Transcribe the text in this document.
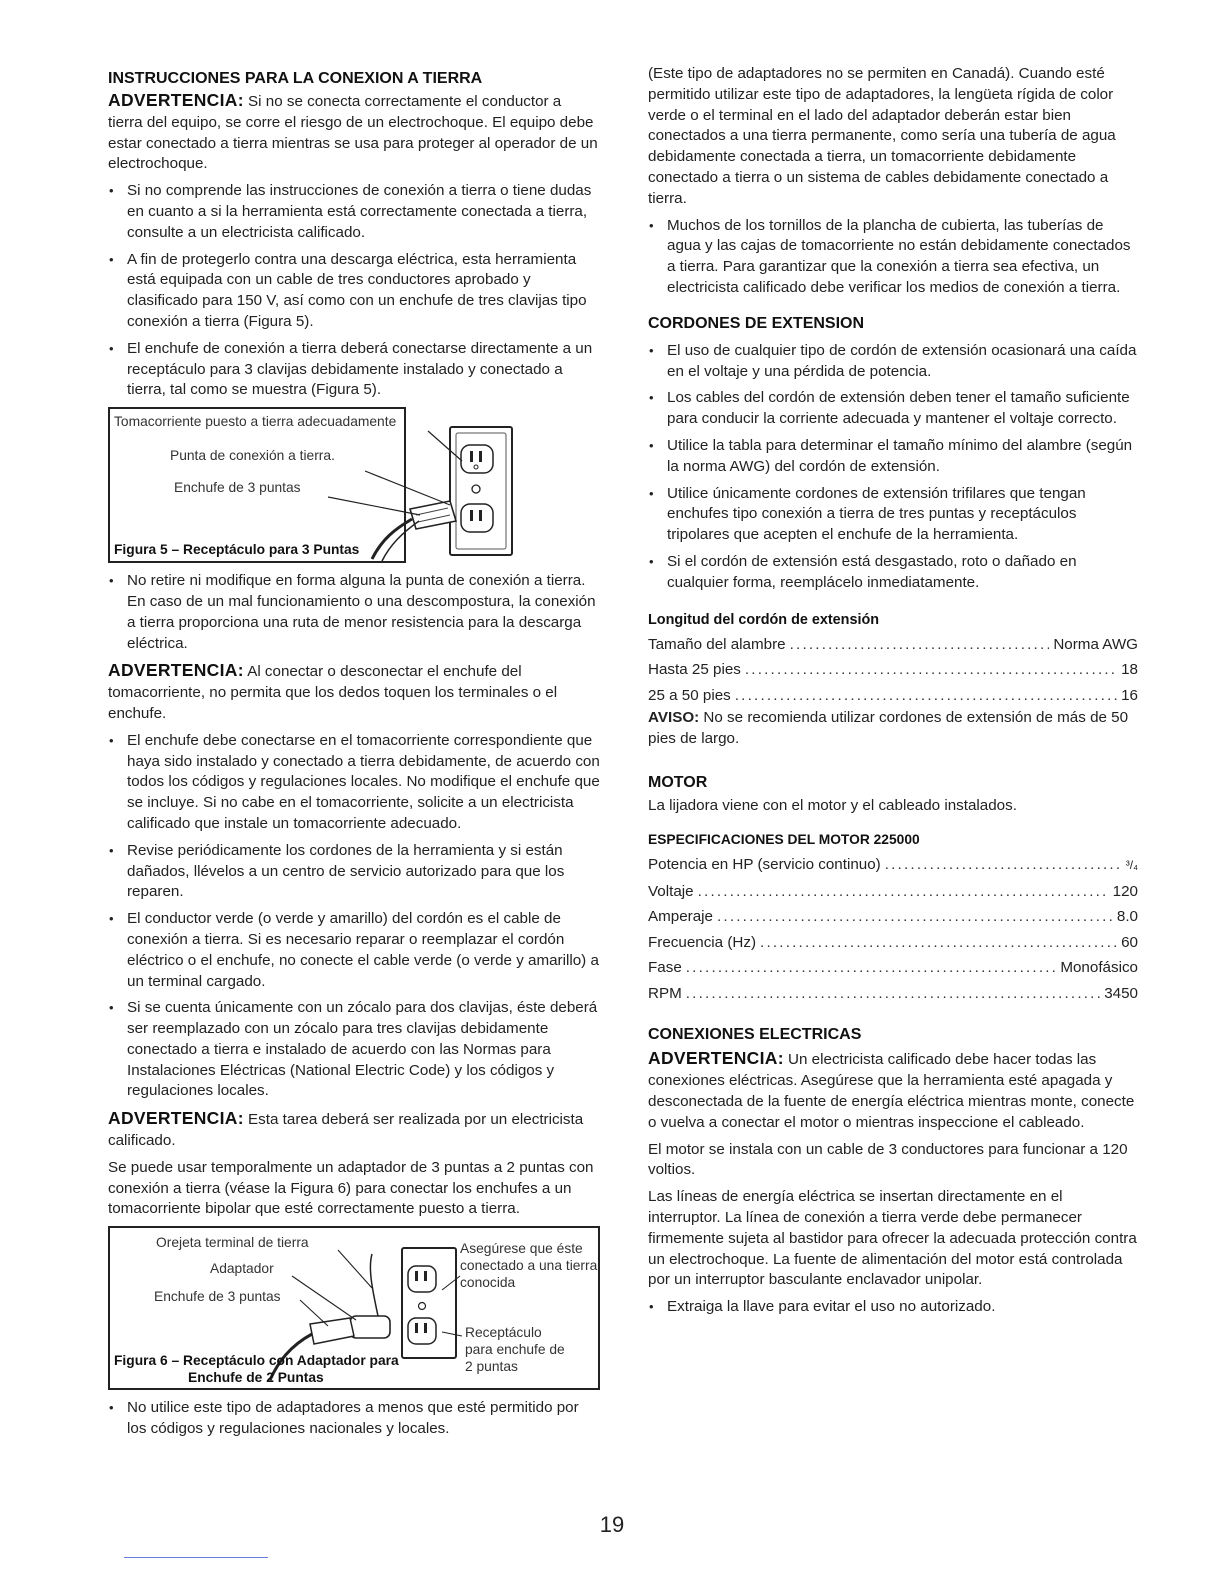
INSTRUCCIONES PARA LA CONEXION A TIERRA

ADVERTENCIA: Si no se conecta correctamente el conductor a tierra del equipo, se corre el riesgo de un electrochoque. El equipo debe estar conectado a tierra mientras se usa para proteger al operador de un electrochoque.

• Si no comprende las instrucciones de conexión a tierra o tiene dudas en cuanto a si la herramienta está correctamente conectada a tierra, consulte a un electricista calificado.
• A fin de protegerlo contra una descarga eléctrica, esta herramienta está equipada con un cable de tres conductores aprobado y clasificado para 150 V, así como con un enchufe de tres clavijas tipo conexión a tierra (Figura 5).
• El enchufe de conexión a tierra deberá conectarse directamente a un receptáculo para 3 clavijas debidamente instalado y conectado a tierra, tal como se muestra (Figura 5).
Tomacorriente puesto a tierra adecuadamente
Punta de conexión a tierra.
Enchufe de 3 puntas
Figura 5 – Receptáculo para 3 Puntas
• No retire ni modifique en forma alguna la punta de conexión a tierra. En caso de un mal funcionamiento o una descompostura, la conexión a tierra proporciona una ruta de menor resistencia para la descarga eléctrica.

ADVERTENCIA: Al conectar o desconectar el enchufe del tomacorriente, no permita que los dedos toquen los terminales o el enchufe.

• El enchufe debe conectarse en el tomacorriente correspondiente que haya sido instalado y conectado a tierra debidamente, de acuerdo con todos los códigos y regulaciones locales. No modifique el enchufe que se incluye. Si no cabe en el tomacorriente, solicite a un electricista calificado que instale un tomacorriente adecuado.
• Revise periódicamente los cordones de la herramienta y si están dañados, llévelos a un centro de servicio autorizado para que los reparen.
• El conductor verde (o verde y amarillo) del cordón es el cable de conexión a tierra. Si es necesario reparar o reemplazar el cordón eléctrico o el enchufe, no conecte el cable verde (o verde y amarillo) a un terminal cargado.
• Si se cuenta únicamente con un zócalo para dos clavijas, éste deberá ser reemplazado con un zócalo para tres clavijas debidamente conectado a tierra e instalado de acuerdo con las Normas para Instalaciones Eléctricas (National Electric Code) y los códigos y regulaciones locales.

ADVERTENCIA: Esta tarea deberá ser realizada por un electricista calificado.

Se puede usar temporalmente un adaptador de 3 puntas a 2 puntas con conexión a tierra (véase la Figura 6) para conectar los enchufes a un tomacorriente bipolar que esté correctamente puesto a tierra.

Orejeta terminal de tierra
Adaptador
Enchufe de 3 puntas
Asegúrese que éste conectado a una tierra conocida
Receptáculo para enchufe de 2 puntas
Figura 6 – Receptáculo con Adaptador para
Enchufe de 2 Puntas
• No utilice este tipo de adaptadores a menos que esté permitido por los códigos y regulaciones nacionales y locales.

(Este tipo de adaptadores no se permiten en Canadá). Cuando esté permitido utilizar este tipo de adaptadores, la lengüeta rígida de color verde o el terminal en el lado del adaptador deberán estar bien conectados a una tierra permanente, como sería una tubería de agua debidamente conectada a tierra, un tomacorriente debidamente conectado a tierra o un sistema de cables debidamente conectado a tierra.

• Muchos de los tornillos de la plancha de cubierta, las tuberías de agua y las cajas de tomacorriente no están debidamente conectados a tierra. Para garantizar que la conexión a tierra sea efectiva, un electricista calificado debe verificar los medios de conexión a tierra.
CORDONES DE EXTENSION
• El uso de cualquier tipo de cordón de extensión ocasionará una caída en el voltaje y una pérdida de potencia.
• Los cables del cordón de extensión deben tener el tamaño suficiente para conducir la corriente adecuada y mantener el voltaje correcto.
• Utilice la tabla para determinar el tamaño mínimo del alambre (según la norma AWG) del cordón de extensión.
• Utilice únicamente cordones de extensión trifilares que tengan enchufes tipo conexión a tierra de tres puntas y receptáculos tripolares que acepten el enchufe de la herramienta.
• Si el cordón de extensión está desgastado, roto o dañado en cualquier forma, reemplácelo inmediatamente.
Longitud del cordón de extensión
Tamaño del alambre .....	Norma AWG
Hasta 25 pies .....	18
25 a 50 pies .....	16

AVISO: No se recomienda utilizar cordones de extensión de más de 50 pies de largo.

MOTOR

La lijadora viene con el motor y el cableado instalados.

ESPECIFICACIONES DEL MOTOR 225000
Potencia en HP (servicio continuo) .....	³/₄
Voltaje .....	120
Amperaje .....	8.0
Frecuencia (Hz) .....	60
Fase .....	Monofásico
RPM .....	3450
CONEXIONES ELECTRICAS

ADVERTENCIA: Un electricista calificado debe hacer todas las conexiones eléctricas. Asegúrese que la herramienta esté apagada y desconectada de la fuente de energía eléctrica mientras monte, conecte o vuelva a conectar el motor o mientras inspeccione el cableado.

El motor se instala con un cable de 3 conductores para funcionar a 120 voltios.

Las líneas de energía eléctrica se insertan directamente en el interruptor. La línea de conexión a tierra verde debe permanecer firmemente sujeta al bastidor para ofrecer la adecuada protección contra un electrochoque. La fuente de alimentación del motor está controlada por un interruptor basculante enclavador unipolar.

• Extraiga la llave para evitar el uso no autorizado.
19
